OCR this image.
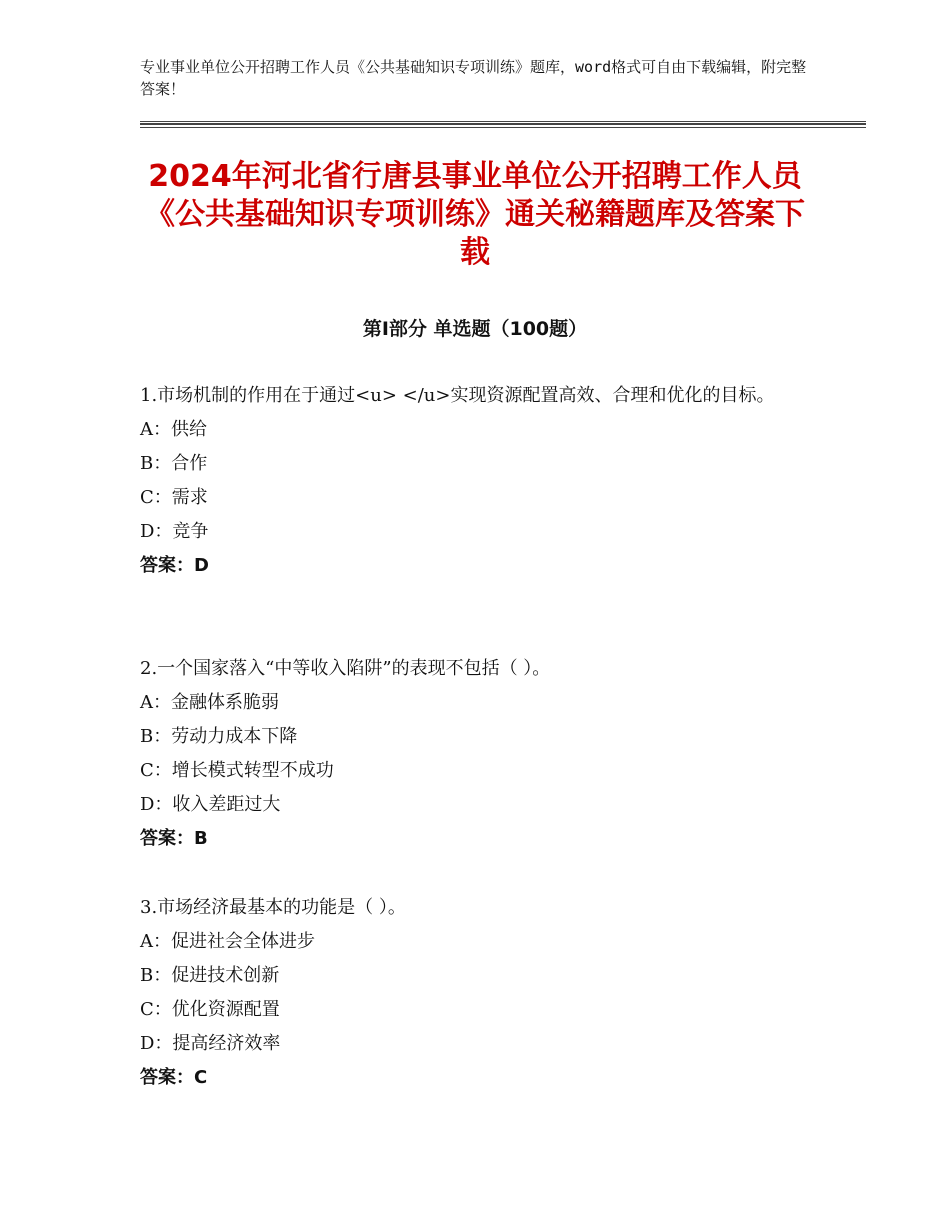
专业事业单位公开招聘工作人员《公共基础知识专项训练》题库，word格式可自由下载编辑，附完整答案！
2024年河北省行唐县事业单位公开招聘工作人员《公共基础知识专项训练》通关秘籍题库及答案下载
第Ⅰ部分 单选题（100题）

1.市场机制的作用在于通过<u> </u>实现资源配置高效、合理和优化的目标。

A：供给

B：合作

C：需求

D：竞争

答案：D

2.一个国家落入“中等收入陷阱”的表现不包括（ ）。

A：金融体系脆弱

B：劳动力成本下降

C：增长模式转型不成功

D：收入差距过大

答案：B

3.市场经济最基本的功能是（ ）。

A：促进社会全体进步

B：促进技术创新

C：优化资源配置

D：提高经济效率

答案：C
